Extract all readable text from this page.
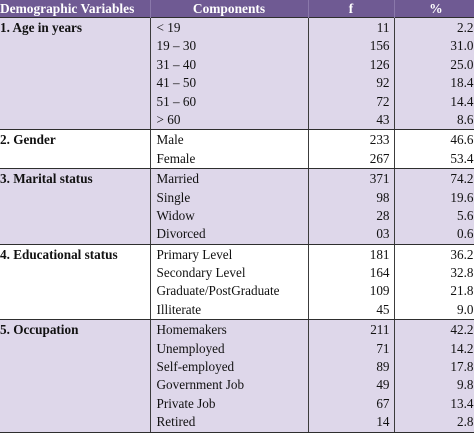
Demographic Variables	Components	f	%
1. Age in years	< 19	11	2.2
	19 – 30	156	31.0
	31 – 40	126	25.0
	41 – 50	92	18.4
	51 – 60	72	14.4
	> 60	43	8.6
2. Gender	Male	233	46.6
	Female	267	53.4
3. Marital status	Married	371	74.2
	Single	98	19.6
	Widow	28	5.6
	Divorced	03	0.6
4. Educational status	Primary Level	181	36.2
	Secondary Level	164	32.8
	Graduate/PostGraduate	109	21.8
	Illiterate	45	9.0
5. Occupation	Homemakers	211	42.2
	Unemployed	71	14.2
	Self-employed	89	17.8
	Government Job	49	9.8
	Private Job	67	13.4
	Retired	14	2.8
